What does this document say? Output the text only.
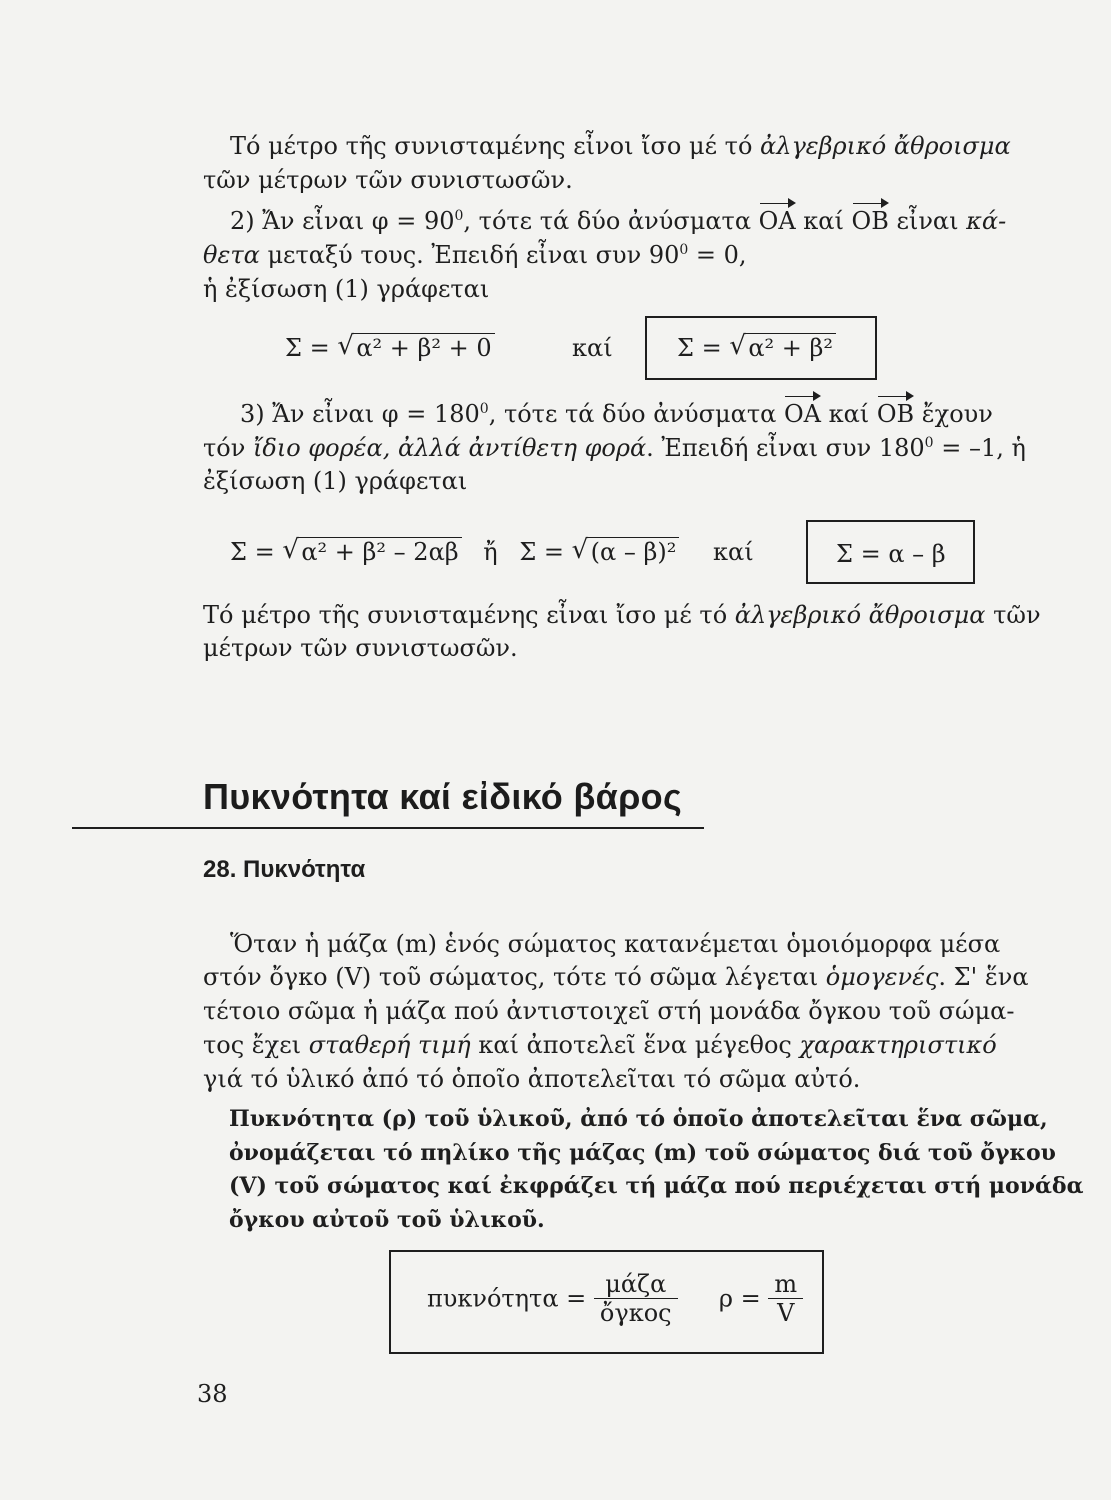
Τό μέτρο τῆς συνισταμένης εἶνοι ἴσο μέ τό ἀλγεβρικό ἄθροισμα
τῶν μέτρων τῶν συνιστωσῶν.
2) Ἄν εἶναι $\varphi = 90^0$, τότε τά δύο ἀνύσματα ΟΑ καί ΟΒ εἶναι κά-
θετα μεταξύ τους. Ἐπειδή εἶναι συν $90^0 = 0$,
ἡ ἐξίσωση (1) γράφεται
Σ = √ α² + β² + 0	καί	Σ = √ α² + β²
3) Ἄν εἶναι $\varphi = 180^0$, τότε τά δύο ἀνύσματα ΟΑ καί ΟΒ ἔχουν
τόν ἴδιο φορέα, ἀλλά ἀντίθετη φορά. Ἐπειδή εἶναι συν $180^0 = -1$, ἡ
ἐξίσωση (1) γράφεται
Σ = √ α² + β² – 2αβ ἤ Σ = √ (α – β)² καί	Σ = α – β
Τό μέτρο τῆς συνισταμένης εἶναι ἴσο μέ τό ἀλγεβρικό ἄθροισμα τῶν
μέτρων τῶν συνιστωσῶν.
Πυκνότητα καί εἰδικό βάρος
28. Πυκνότητα
Ὅταν ἡ μάζα (m) ἑνός σώματος κατανέμεται ὁμοιόμορφα μέσα
στόν ὄγκο (V) τοῦ σώματος, τότε τό σῶμα λέγεται ὁμογενές. Σ' ἕνα
τέτοιο σῶμα ἡ μάζα πού ἀντιστοιχεῖ στή μονάδα ὄγκου τοῦ σώμα-
τος ἔχει σταθερή τιμή καί ἀποτελεῖ ἕνα μέγεθος χαρακτηριστικό
γιά τό ὑλικό ἀπό τό ὁποῖο ἀποτελεῖται τό σῶμα αὐτό.
Πυκνότητα (ρ) τοῦ ὑλικοῦ, ἀπό τό ὁποῖο ἀποτελεῖται ἕνα σῶμα,
ὀνομάζεται τό πηλίκο τῆς μάζας (m) τοῦ σώματος διά τοῦ ὄγκου
(V) τοῦ σώματος καί ἐκφράζει τή μάζα πού περιέχεται στή μονάδα
ὄγκου αὐτοῦ τοῦ ὑλικοῦ.
$\pi\upsilon\kappa\nu ό\tau\eta\tau\alpha = \frac{\text{μάζα}}{\text{ὄγκος}}$ $\rho = \frac{m}{V}$
38
